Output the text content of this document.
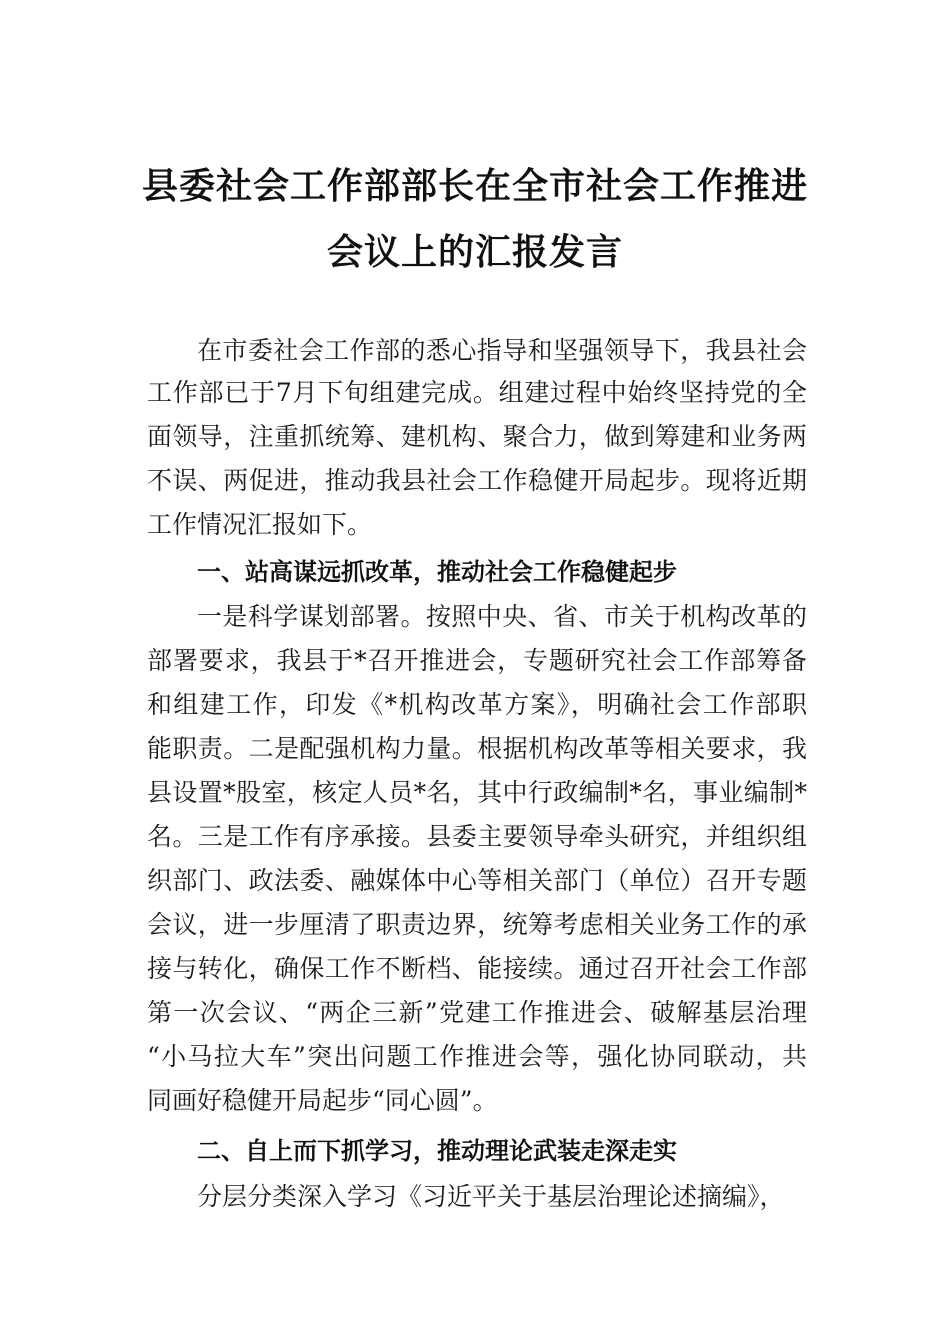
县委社会工作部部长在全市社会工作推进
会议上的汇报发言
在市委社会工作部的悉心指导和坚强领导下，我县社会
工作部已于7月下旬组建完成。组建过程中始终坚持党的全
面领导，注重抓统筹、建机构、聚合力，做到筹建和业务两
不误、两促进，推动我县社会工作稳健开局起步。现将近期
工作情况汇报如下。
一、站高谋远抓改革，推动社会工作稳健起步
一是科学谋划部署。按照中央、省、市关于机构改革的
部署要求，我县于*召开推进会，专题研究社会工作部筹备
和组建工作，印发《*机构改革方案》，明确社会工作部职
能职责。二是配强机构力量。根据机构改革等相关要求，我
县设置*股室，核定人员*名，其中行政编制*名，事业编制*
名。三是工作有序承接。县委主要领导牵头研究，并组织组
织部门、政法委、融媒体中心等相关部门（单位）召开专题
会议，进一步厘清了职责边界，统筹考虑相关业务工作的承
接与转化，确保工作不断档、能接续。通过召开社会工作部
第一次会议、“两企三新”党建工作推进会、破解基层治理
“小马拉大车”突出问题工作推进会等，强化协同联动，共
同画好稳健开局起步“同心圆”。
二、自上而下抓学习，推动理论武装走深走实
分层分类深入学习《习近平关于基层治理论述摘编》，
